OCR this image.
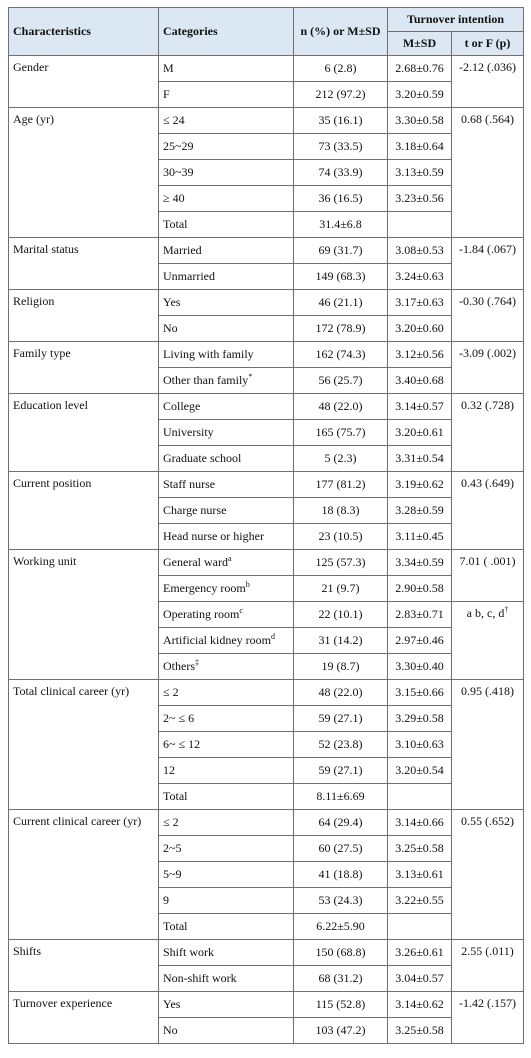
Characteristics	Categories	n (%) or M±SD	Turnover intention	
			M±SD	t or F (p)
Gender	M	6 (2.8)	2.68±0.76	-2.12 (.036)
	F	212 (97.2)	3.20±0.59	
Age (yr)	≤ 24	35 (16.1)	3.30±0.58	0.68 (.564)
	25~29	73 (33.5)	3.18±0.64	
	30~39	74 (33.9)	3.13±0.59	
	≥ 40	36 (16.5)	3.23±0.56	
	Total	31.4±6.8		
Marital status	Married	69 (31.7)	3.08±0.53	-1.84 (.067)
	Unmarried	149 (68.3)	3.24±0.63	
Religion	Yes	46 (21.1)	3.17±0.63	-0.30 (.764)
	No	172 (78.9)	3.20±0.60	
Family type	Living with family	162 (74.3)	3.12±0.56	-3.09 (.002)
	Other than family*	56 (25.7)	3.40±0.68	
Education level	College	48 (22.0)	3.14±0.57	0.32 (.728)
	University	165 (75.7)	3.20±0.61	
	Graduate school	5 (2.3)	3.31±0.54	
Current position	Staff nurse	177 (81.2)	3.19±0.62	0.43 (.649)
	Charge nurse	18 (8.3)	3.28±0.59	
	Head nurse or higher	23 (10.5)	3.11±0.45	
Working unit	General ward$^a$	125 (57.3)	3.34±0.59	7.01 ( .001)
	Emergency room$^b$	21 (9.7)	2.90±0.58	
	Operating room$^c$	22 (10.1)	2.83±0.71	a b, c, d†
	Artificial kidney room$^d$	31 (14.2)	2.97±0.46	
	Others‡	19 (8.7)	3.30±0.40	
Total clinical career (yr)	≤ 2	48 (22.0)	3.15±0.66	0.95 (.418)
	2~ ≤ 6	59 (27.1)	3.29±0.58	
	6~ ≤ 12	52 (23.8)	3.10±0.63	
	12	59 (27.1)	3.20±0.54	
	Total	8.11±6.69		
Current clinical career (yr)	≤ 2	64 (29.4)	3.14±0.66	0.55 (.652)
	2~5	60 (27.5)	3.25±0.58	
	5~9	41 (18.8)	3.13±0.61	
	9	53 (24.3)	3.22±0.55	
	Total	6.22±5.90		
Shifts	Shift work	150 (68.8)	3.26±0.61	2.55 (.011)
	Non-shift work	68 (31.2)	3.04±0.57	
Turnover experience	Yes	115 (52.8)	3.14±0.62	-1.42 (.157)
	No	103 (47.2)	3.25±0.58	
